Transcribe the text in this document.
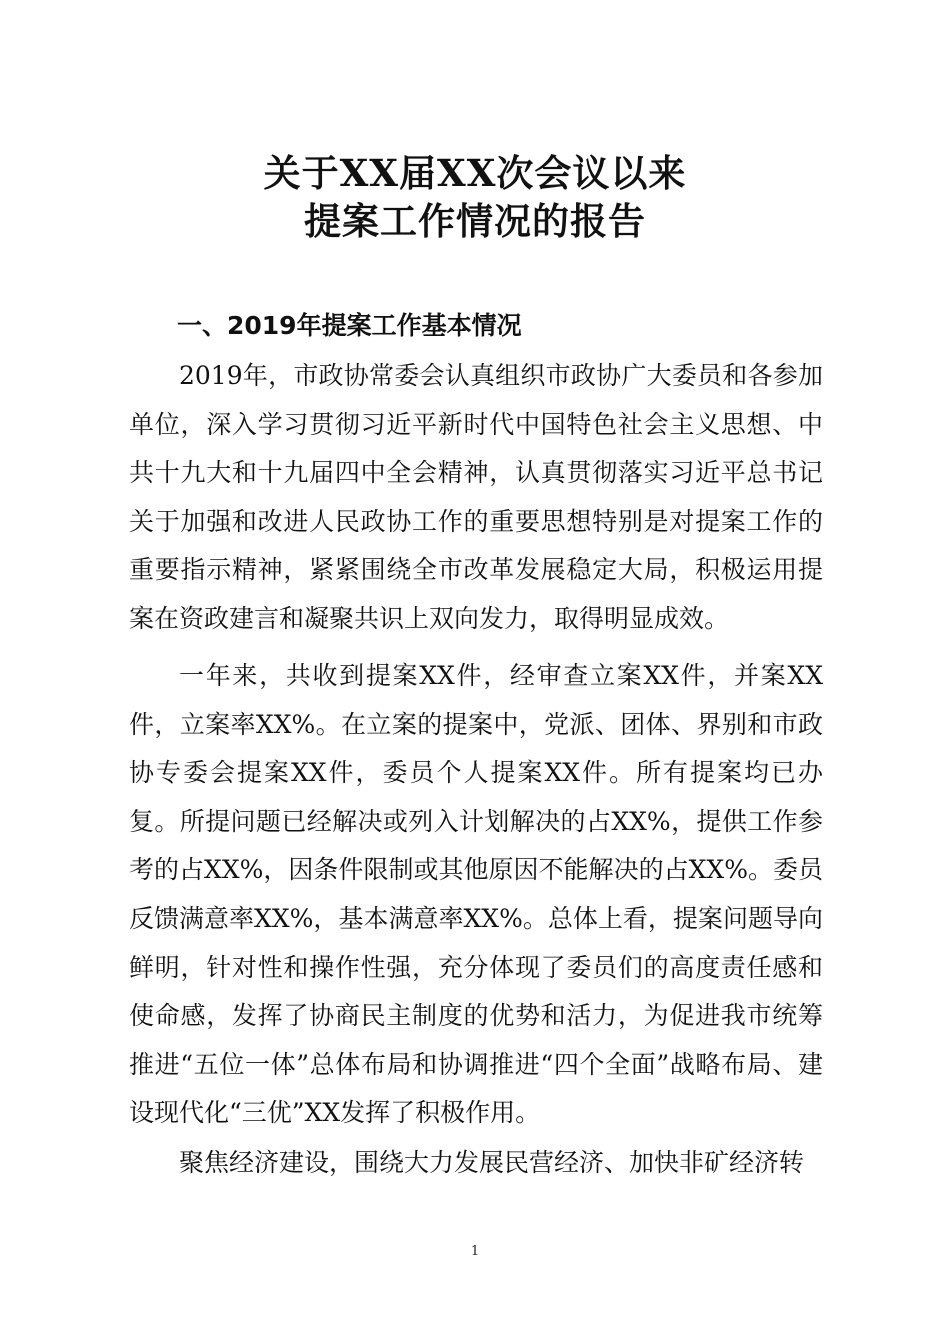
关于XX届XX次会议以来
提案工作情况的报告
一、2019年提案工作基本情况

2019年，市政协常委会认真组织市政协广大委员和各参加单位，深入学习贯彻习近平新时代中国特色社会主义思想、中共十九大和十九届四中全会精神，认真贯彻落实习近平总书记关于加强和改进人民政协工作的重要思想特别是对提案工作的重要指示精神，紧紧围绕全市改革发展稳定大局，积极运用提案在资政建言和凝聚共识上双向发力，取得明显成效。

一年来，共收到提案XX件，经审查立案XX件，并案XX件，立案率XX%。在立案的提案中，党派、团体、界别和市政协专委会提案XX件，委员个人提案XX件。所有提案均已办复。所提问题已经解决或列入计划解决的占XX%，提供工作参考的占XX%，因条件限制或其他原因不能解决的占XX%。委员反馈满意率XX%，基本满意率XX%。总体上看，提案问题导向鲜明，针对性和操作性强，充分体现了委员们的高度责任感和使命感，发挥了协商民主制度的优势和活力，为促进我市统筹推进“五位一体”总体布局和协调推进“四个全面”战略布局、建设现代化“三优”XX发挥了积极作用。

聚焦经济建设，围绕大力发展民营经济、加快非矿经济转

1
